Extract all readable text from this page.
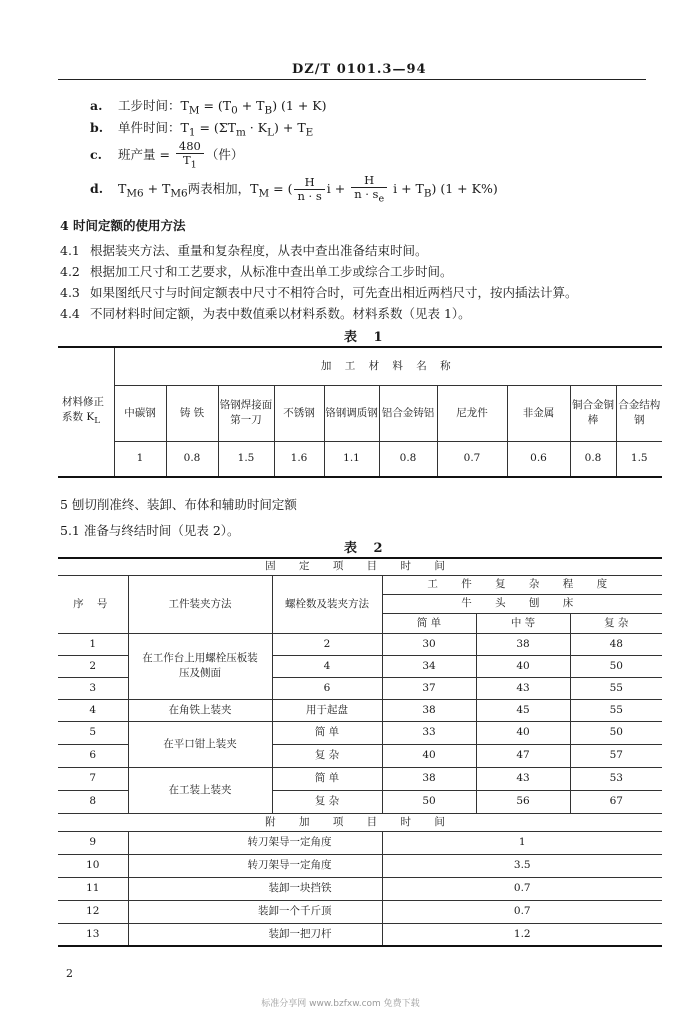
DZ/T 0101.3—94
a. 工步时间：$T_M = (T_0 + T_B) (1 + K)$
b. 单件时间：$T_1 = (\Sigma T_m \cdot K_L) + T_E$
c. 班产量 = $\frac{480}{T_1}$ （件）
d. $T_{M6} + T_{M6}$两表相加，$T_M$ = ( $\frac{H}{n \cdot s}$ $i + \frac{H}{n \cdot s_e}$ $i + T_B$) (1 + K%)
4 时间定额的使用方法
4.1 根据装夹方法、重量和复杂程度，从表中查出准备结束时间。
4.2 根据加工尺寸和工艺要求，从标准中查出单工步或综合工步时间。
4.3 如果图纸尺寸与时间定额表中尺寸不相符合时，可先查出相近两档尺寸，按内插法计算。
4.4 不同材料时间定额，为表中数值乘以材料系数。材料系数（见表 1）。
表 1
材料修正系数 $K_L$	加 工 材 料 名 称									
	中碳钢	铸 铁	铬钢焊接面第一刀	不锈钢	铬钢调质钢	铝合金铸铝	尼龙件	非金属	铜合金铜棒	合金结构钢
	1	0.8	1.5	1.6	1.1	0.8	0.7	0.6	0.8	1.5
5 刨切削准终、装卸、布体和辅助时间定额
5.1 准备与终结时间（见表 2）。
表 2
固 定 项 目 时 间					
序 号	工件装夹方法	螺栓数及装夹方法	工 件 复 杂 程 度		
			牛 头 刨 床		
			简 单	中 等	复 杂
1	在工作台上用螺栓压板装压及侧面	2	30	38	48
2		4	34	40	50
3		6	37	43	55
4	在角铁上装夹	用于起盘	38	45	55
5	在平口钳上装夹	简 单	33	40	50
6		复 杂	40	47	57
7	在工装上装夹	简 单	38	43	53
8		复 杂	50	56	67
附 加 项 目 时 间					
9	转刀架导一定角度		1		
10	转刀架导一定角度		3.5		
11	装卸一块挡铁		0.7		
12	装卸一个千斤顶		0.7		
13	装卸一把刀杆		1.2		
2
标准分享网 www.bzfxw.com 免费下载
